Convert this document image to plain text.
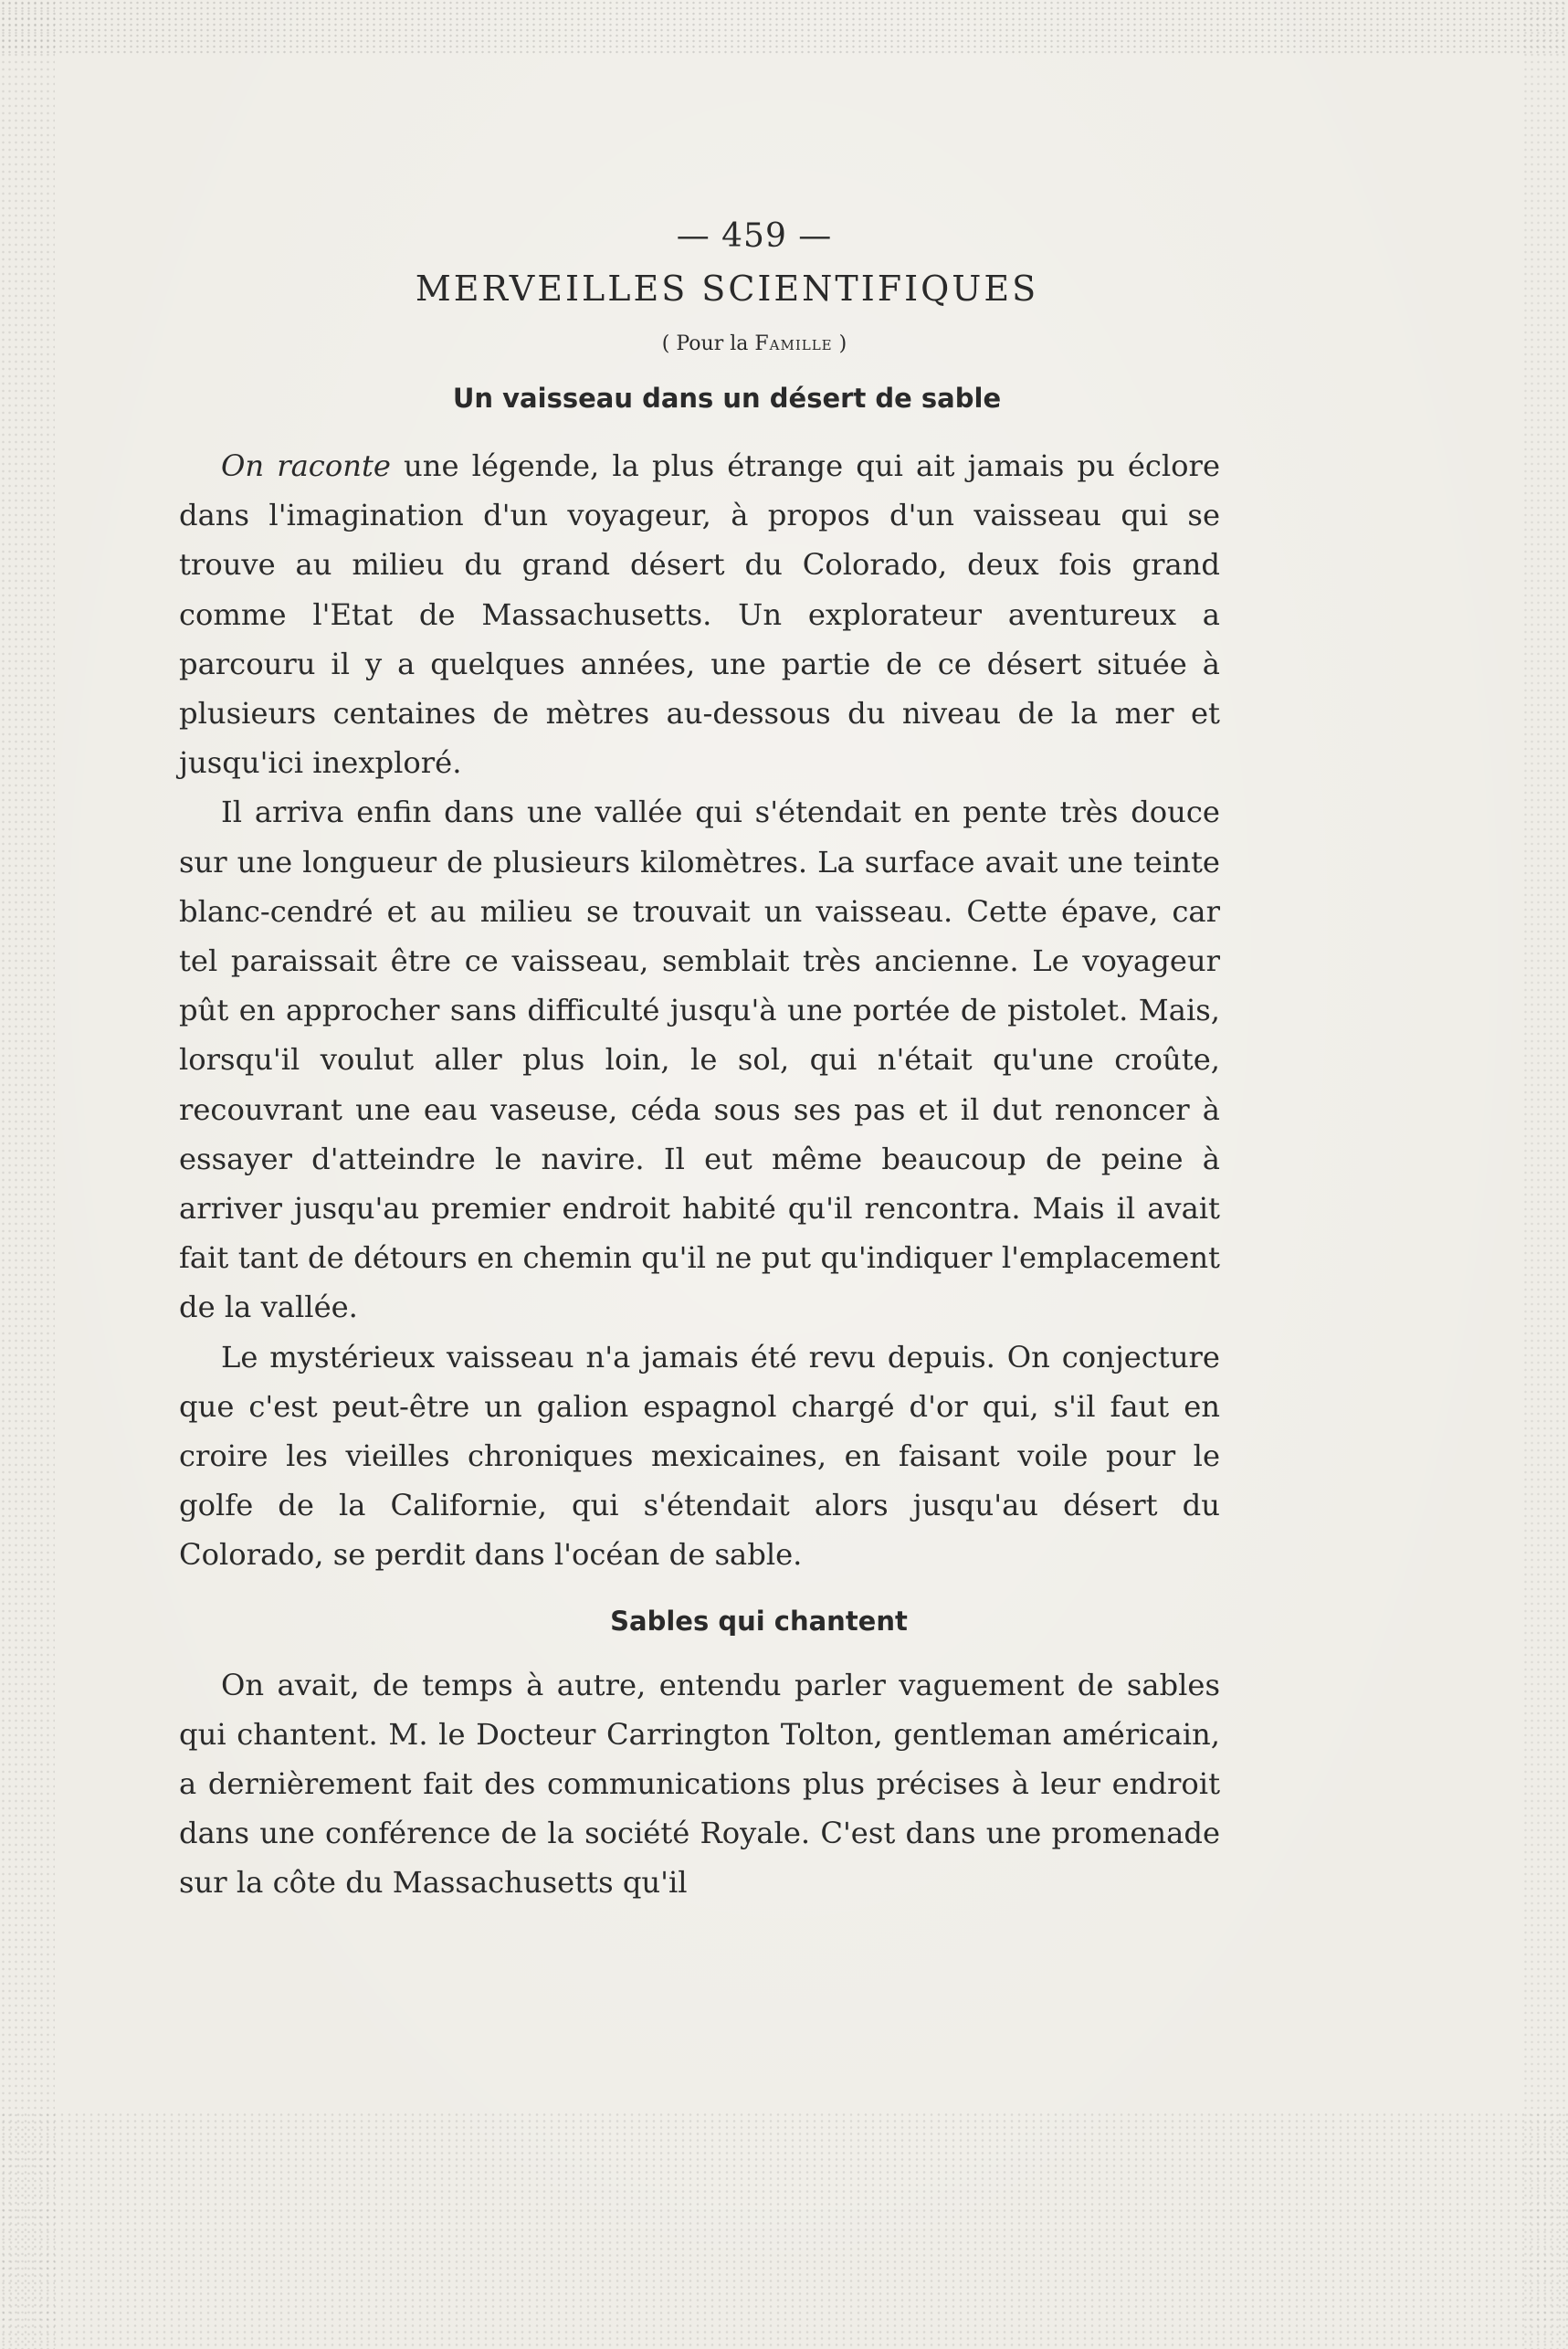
— 459 —
MERVEILLES SCIENTIFIQUES
( Pour la Famille )
Un vaisseau dans un désert de sable

On raconte une légende, la plus étrange qui ait jamais pu éclore dans l'imagination d'un voyageur, à propos d'un vaisseau qui se trouve au milieu du grand désert du Colorado, deux fois grand comme l'Etat de Massachusetts. Un explorateur aventureux a parcouru il y a quelques années, une partie de ce désert située à plusieurs centaines de mètres au-dessous du niveau de la mer et jusqu'ici inexploré.

Il arriva enfin dans une vallée qui s'étendait en pente très douce sur une longueur de plusieurs kilomètres. La surface avait une teinte blanc-cendré et au milieu se trouvait un vaisseau. Cette épave, car tel paraissait être ce vaisseau, semblait très ancienne. Le voyageur pût en approcher sans difficulté jusqu'à une portée de pistolet. Mais, lorsqu'il voulut aller plus loin, le sol, qui n'était qu'une croûte, recouvrant une eau vaseuse, céda sous ses pas et il dut renoncer à essayer d'atteindre le navire. Il eut même beaucoup de peine à arriver jusqu'au premier endroit habité qu'il rencontra. Mais il avait fait tant de détours en chemin qu'il ne put qu'indiquer l'emplacement de la vallée.

Le mystérieux vaisseau n'a jamais été revu depuis. On conjecture que c'est peut-être un galion espagnol chargé d'or qui, s'il faut en croire les vieilles chroniques mexicaines, en faisant voile pour le golfe de la Californie, qui s'étendait alors jusqu'au désert du Colorado, se perdit dans l'océan de sable.

Sables qui chantent

On avait, de temps à autre, entendu parler vaguement de sables qui chantent. M. le Docteur Carrington Tolton, gentleman américain, a dernièrement fait des communications plus précises à leur endroit dans une conférence de la société Royale. C'est dans une promenade sur la côte du Massachusetts qu'il
